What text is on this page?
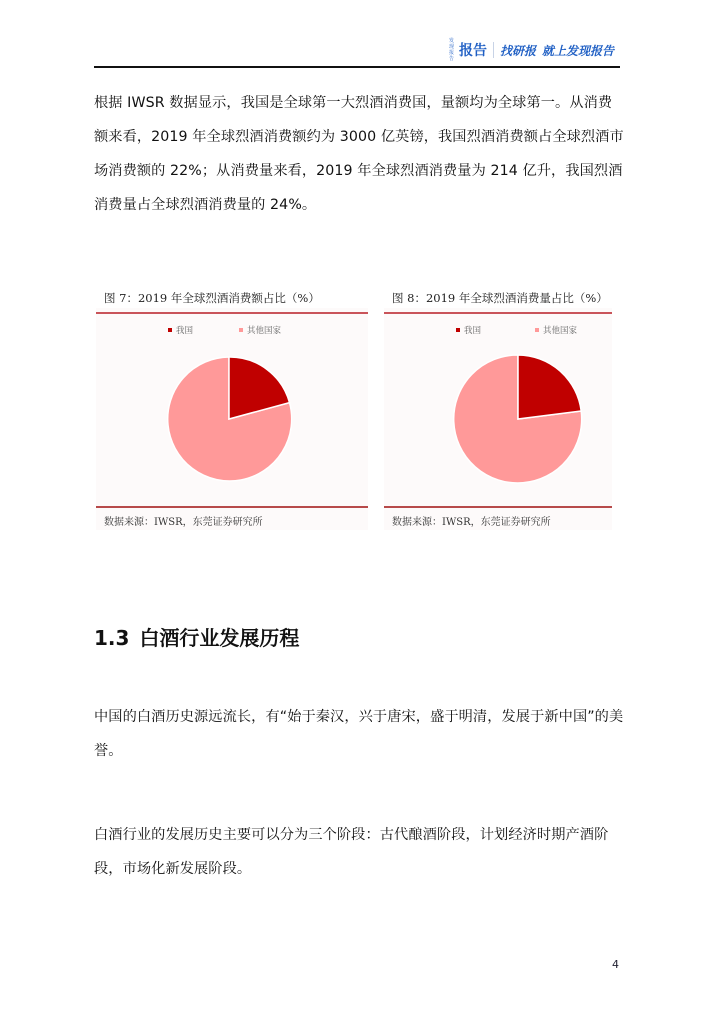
发现报告 报告 找研报 就上发现报告
根据 IWSR 数据显示，我国是全球第一大烈酒消费国，量额均为全球第一。从消费额来看，2019 年全球烈酒消费额约为 3000 亿英镑，我国烈酒消费额占全球烈酒市场消费额的 22%；从消费量来看，2019 年全球烈酒消费量为 214 亿升，我国烈酒消费量占全球烈酒消费量的 24%。
图 7：2019 年全球烈酒消费额占比（%）
我国	其他国家
数据来源：IWSR，东莞证券研究所
图 8：2019 年全球烈酒消费量占比（%）
我国	其他国家
数据来源：IWSR，东莞证券研究所
1.3 白酒行业发展历程
中国的白酒历史源远流长，有“始于秦汉，兴于唐宋，盛于明清，发展于新中国”的美誉。
白酒行业的发展历史主要可以分为三个阶段：古代酿酒阶段，计划经济时期产酒阶段，市场化新发展阶段。
4
